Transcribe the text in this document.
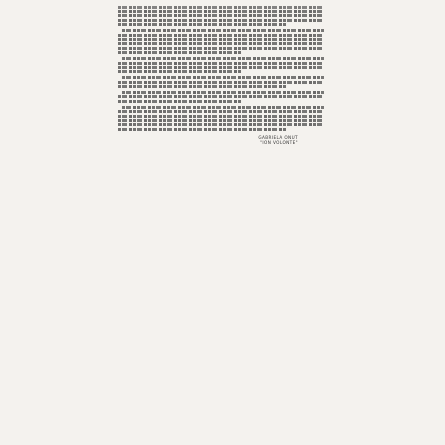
GABRIELA ONUT
"ION VOLONTE"
